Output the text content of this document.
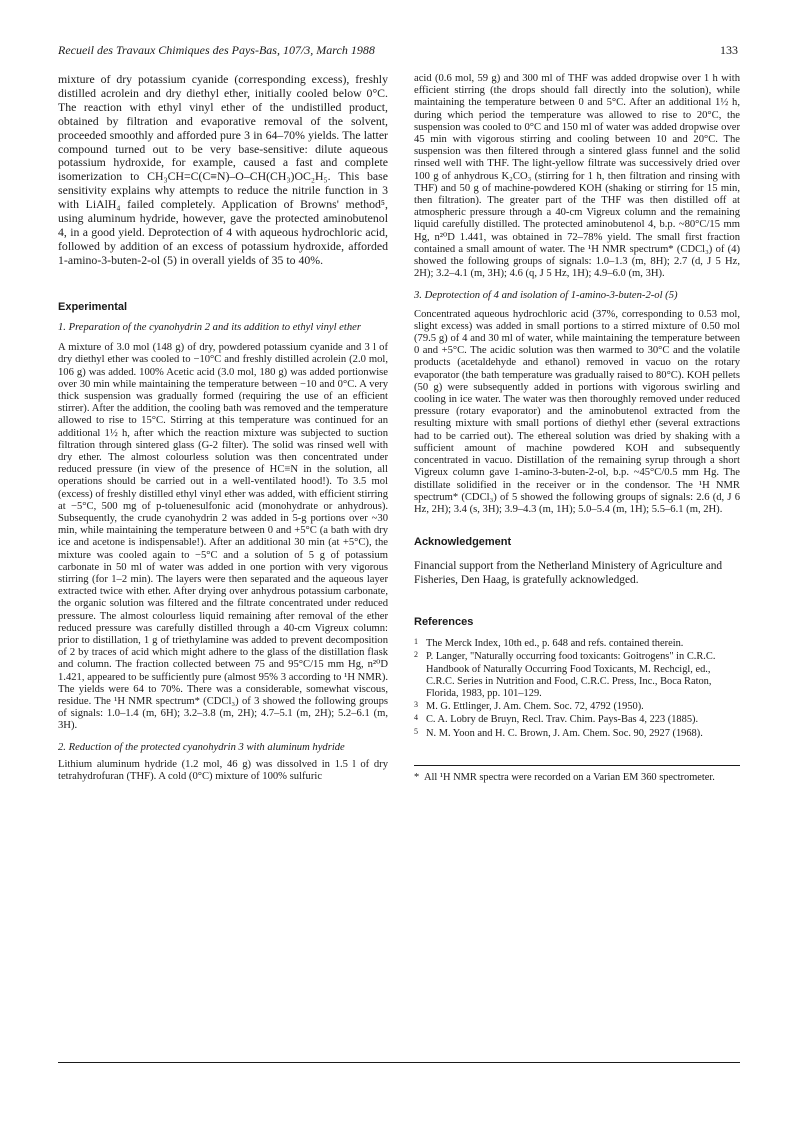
Recueil des Travaux Chimiques des Pays-Bas, 107/3, March 1988	133

mixture of dry potassium cyanide (corresponding excess), freshly distilled acrolein and dry diethyl ether, initially cooled below 0°C. The reaction with ethyl vinyl ether of the undistilled product, obtained by filtration and evaporative removal of the solvent, proceeded smoothly and afforded pure 3 in 64–70% yields. The latter compound turned out to be very base-sensitive: dilute aqueous potassium hydroxide, for example, caused a fast and complete isomerization to CH₃CH=C(C≡N)–O–CH(CH₃)OC₂H₅. This base sensitivity explains why attempts to reduce the nitrile function in 3 with LiAlH₄ failed completely. Application of Browns' method⁵, using aluminum hydride, however, gave the protected aminobutenol 4, in a good yield. Deprotection of 4 with aqueous hydrochloric acid, followed by addition of an excess of potassium hydroxide, afforded 1-amino-3-buten-2-ol (5) in overall yields of 35 to 40%.

Experimental

1. Preparation of the cyanohydrin 2 and its addition to ethyl vinyl ether

A mixture of 3.0 mol (148 g) of dry, powdered potassium cyanide and 3 l of dry diethyl ether was cooled to −10°C and freshly distilled acrolein (2.0 mol, 106 g) was added. 100% Acetic acid (3.0 mol, 180 g) was added portionwise over 30 min while maintaining the temperature between −10 and 0°C. A very thick suspension was gradually formed (requiring the use of an efficient stirrer). After the addition, the cooling bath was removed and the temperature allowed to rise to 15°C. Stirring at this temperature was continued for an additional 1½ h, after which the reaction mixture was subjected to suction filtration through sintered glass (G-2 filter). The solid was rinsed well with dry ether. The almost colourless solution was then concentrated under reduced pressure (in view of the presence of HC≡N in the solution, all operations should be carried out in a well-ventilated hood!). To 3.5 mol (excess) of freshly distilled ethyl vinyl ether was added, with efficient stirring at −5°C, 500 mg of p-toluenesulfonic acid (monohydrate or anhydrous). Subsequently, the crude cyanohydrin 2 was added in 5-g portions over ~30 min, while maintaining the temperature between 0 and +5°C (a bath with dry ice and acetone is indispensable!). After an additional 30 min (at +5°C), the mixture was cooled again to −5°C and a solution of 5 g of potassium carbonate in 50 ml of water was added in one portion with very vigorous stirring (for 1–2 min). The layers were then separated and the aqueous layer extracted twice with ether. After drying over anhydrous potassium carbonate, the organic solution was filtered and the filtrate concentrated under reduced pressure. The almost colourless liquid remaining after removal of the ether reduced pressure was carefully distilled through a 40-cm Vigreux column: prior to distillation, 1 g of triethylamine was added to prevent decomposition of 2 by traces of acid which might adhere to the glass of the distillation flask and column. The fraction collected between 75 and 95°C/15 mm Hg, n²⁰D 1.421, appeared to be sufficiently pure (almost 95% 3 according to ¹H NMR). The yields were 64 to 70%. There was a considerable, somewhat viscous, residue. The ¹H NMR spectrum* (CDCl₃) of 3 showed the following groups of signals: 1.0–1.4 (m, 6H); 3.2–3.8 (m, 2H); 4.7–5.1 (m, 2H); 5.2–6.1 (m, 3H).

2. Reduction of the protected cyanohydrin 3 with aluminum hydride

Lithium aluminum hydride (1.2 mol, 46 g) was dissolved in 1.5 l of dry tetrahydrofuran (THF). A cold (0°C) mixture of 100% sulfuric

acid (0.6 mol, 59 g) and 300 ml of THF was added dropwise over 1 h with efficient stirring (the drops should fall directly into the solution), while maintaining the temperature between 0 and 5°C. After an additional 1½ h, during which period the temperature was allowed to rise to 20°C, the suspension was cooled to 0°C and 150 ml of water was added dropwise over 45 min with vigorous stirring and cooling between 10 and 20°C. The suspension was then filtered through a sintered glass funnel and the solid rinsed well with THF. The light-yellow filtrate was successively dried over 100 g of anhydrous K₂CO₃ (stirring for 1 h, then filtration and rinsing with THF) and 50 g of machine-powdered KOH (shaking or stirring for 15 min, then filtration). The greater part of the THF was then distilled off at atmospheric pressure through a 40-cm Vigreux column and the remaining liquid carefully distilled. The protected aminobutenol 4, b.p. ~80°C/15 mm Hg, n²⁰D 1.441, was obtained in 72–78% yield. The small first fraction contained a small amount of water. The ¹H NMR spectrum* (CDCl₃) of (4) showed the following groups of signals: 1.0–1.3 (m, 8H); 2.7 (d, J 5 Hz, 2H); 3.2–4.1 (m, 3H); 4.6 (q, J 5 Hz, 1H); 4.9–6.0 (m, 3H).

3. Deprotection of 4 and isolation of 1-amino-3-buten-2-ol (5)

Concentrated aqueous hydrochloric acid (37%, corresponding to 0.53 mol, slight excess) was added in small portions to a stirred mixture of 0.50 mol (79.5 g) of 4 and 30 ml of water, while maintaining the temperature between 0 and +5°C. The acidic solution was then warmed to 30°C and the volatile products (acetaldehyde and ethanol) removed in vacuo on the rotary evaporator (the bath temperature was gradually raised to 80°C). KOH pellets (50 g) were subsequently added in portions with vigorous swirling and cooling in ice water. The water was then thoroughly removed under reduced pressure (rotary evaporator) and the aminobutenol extracted from the resulting mixture with small portions of diethyl ether (several extractions had to be carried out). The ethereal solution was dried by shaking with a sufficient amount of machine powdered KOH and subsequently concentrated in vacuo. Distillation of the remaining syrup through a short Vigreux column gave 1-amino-3-buten-2-ol, b.p. ~45°C/0.5 mm Hg. The distillate solidified in the receiver or in the condensor. The ¹H NMR spectrum* (CDCl₃) of 5 showed the following groups of signals: 2.6 (d, J 6 Hz, 2H); 3.4 (s, 3H); 3.9–4.3 (m, 1H); 5.0–5.4 (m, 1H); 5.5–6.1 (m, 2H).

Acknowledgement

Financial support from the Netherland Ministery of Agriculture and Fisheries, Den Haag, is gratefully acknowledged.

References
1 The Merck Index, 10th ed., p. 648 and refs. contained therein.
2 P. Langer, "Naturally occurring food toxicants: Goitrogens" in C.R.C. Handbook of Naturally Occurring Food Toxicants, M. Rechcigl, ed., C.R.C. Series in Nutrition and Food, C.R.C. Press, Inc., Boca Raton, Florida, 1983, pp. 101–129.
3 M. G. Ettlinger, J. Am. Chem. Soc. 72, 4792 (1950).
4 C. A. Lobry de Bruyn, Recl. Trav. Chim. Pays-Bas 4, 223 (1885).
5 N. M. Yoon and H. C. Brown, J. Am. Chem. Soc. 90, 2927 (1968).

* All ¹H NMR spectra were recorded on a Varian EM 360 spectrometer.
